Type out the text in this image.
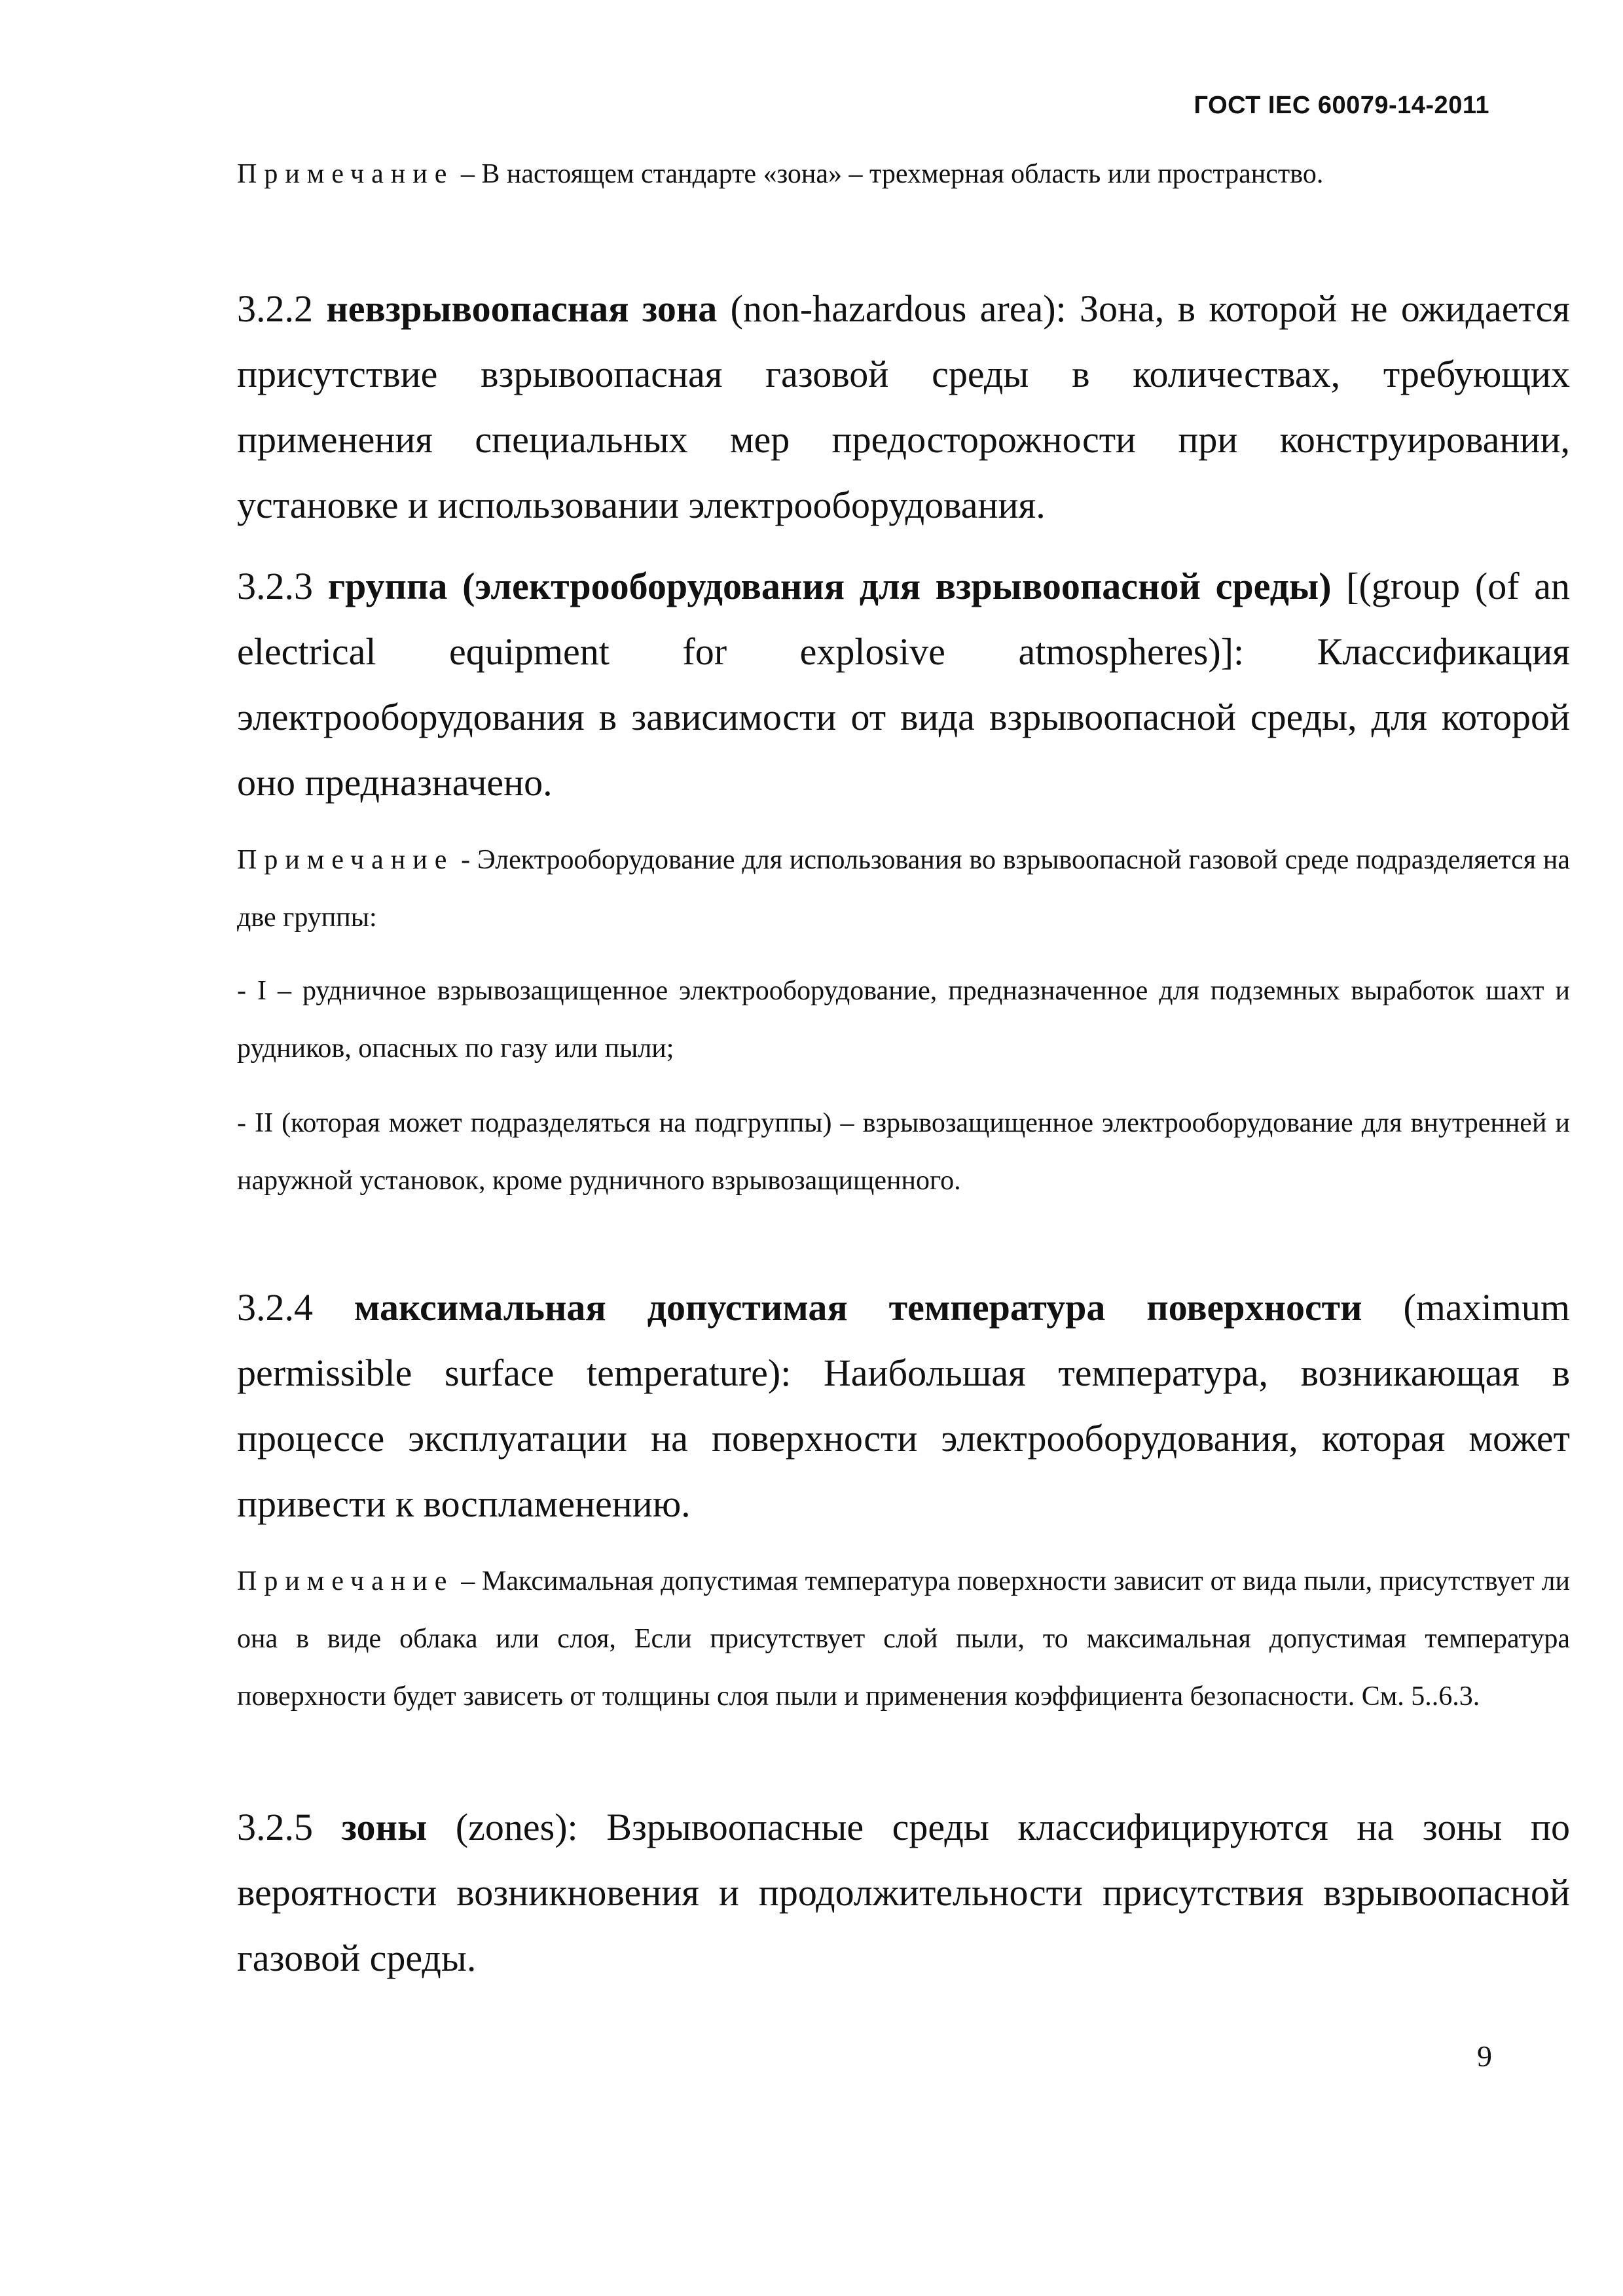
ГОСТ IEC 60079-14-2011
Примечание – В настоящем стандарте «зона» – трехмерная область или пространство.
3.2.2 невзрывоопасная зона (non-hazardous area): Зона, в которой не ожидается присутствие взрывоопасная газовой среды в количествах, требующих применения специальных мер предосторожности при конструировании, установке и использовании электрооборудования.
3.2.3 группа (электрооборудования для взрывоопасной среды) [(group (of an electrical equipment for explosive atmospheres)]: Классификация электрооборудования в зависимости от вида взрывоопасной среды, для которой оно предназначено.
Примечание - Электрооборудование для использования во взрывоопасной газовой среде подразделяется на две группы:
- I – рудничное взрывозащищенное электрооборудование, предназначенное для подземных выработок шахт и рудников, опасных по газу или пыли;
- II (которая может подразделяться на подгруппы) – взрывозащищенное электрооборудование для внутренней и наружной установок, кроме рудничного взрывозащищенного.
3.2.4 максимальная допустимая температура поверхности (maximum permissible surface temperature): Наибольшая температура, возникающая в процессе эксплуатации на поверхности электрооборудования, которая может привести к воспламенению.
Примечание – Максимальная допустимая температура поверхности зависит от вида пыли, присутствует ли она в виде облака или слоя, Если присутствует слой пыли, то максимальная допустимая температура поверхности будет зависеть от толщины слоя пыли и применения коэффициента безопасности. См. 5..6.3.
3.2.5 зоны (zones): Взрывоопасные среды классифицируются на зоны по вероятности возникновения и продолжительности присутствия взрывоопасной газовой среды.
9
